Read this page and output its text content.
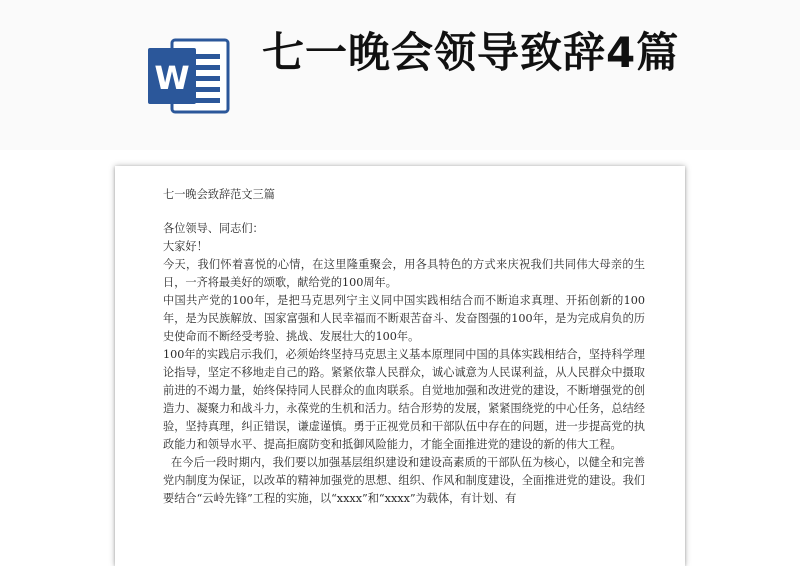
W
七一晚会领导致辞4篇

七一晚会致辞范文三篇

各位领导、同志们：

大家好！

今天，我们怀着喜悦的心情，在这里隆重聚会，用各具特色的方式来庆祝我们共同伟大母亲的生日，一齐将最美好的颂歌，献给党的100周年。

中国共产党的100年，是把马克思列宁主义同中国实践相结合而不断追求真理、开拓创新的100年，是为民族解放、国家富强和人民幸福而不断艰苦奋斗、发奋图强的100年，是为完成肩负的历史使命而不断经受考验、挑战、发展壮大的100年。

100年的实践启示我们，必须始终坚持马克思主义基本原理同中国的具体实践相结合，坚持科学理论指导，坚定不移地走自己的路。紧紧依靠人民群众，诚心诚意为人民谋利益，从人民群众中摄取前进的不竭力量，始终保持同人民群众的血肉联系。自觉地加强和改进党的建设，不断增强党的创造力、凝聚力和战斗力，永葆党的生机和活力。结合形势的发展，紧紧围绕党的中心任务，总结经验，坚持真理，纠正错误，谦虚谨慎。勇于正视党员和干部队伍中存在的问题，进一步提高党的执政能力和领导水平、提高拒腐防变和抵御风险能力，才能全面推进党的建设的新的伟大工程。

在今后一段时期内，我们要以加强基层组织建设和建设高素质的干部队伍为核心，以健全和完善党内制度为保证，以改革的精神加强党的思想、组织、作风和制度建设，全面推进党的建设。我们要结合“云岭先锋”工程的实施，以“xxxx”和“xxxx”为载体，有计划、有
